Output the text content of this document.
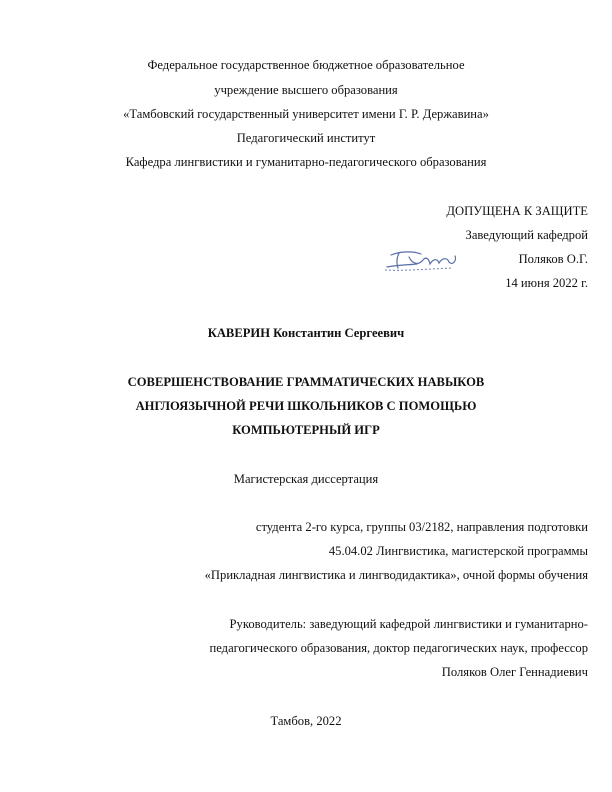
Федеральное государственное бюджетное образовательное
учреждение высшего образования
«Тамбовский государственный университет имени Г. Р. Державина»
Педагогический институт
Кафедра лингвистики и гуманитарно-педагогического образования
ДОПУЩЕНА К ЗАЩИТЕ
Заведующий кафедрой
Поляков О.Г.
14 июня 2022 г.
КАВЕРИН Константин Сергеевич
СОВЕРШЕНСТВОВАНИЕ ГРАММАТИЧЕСКИХ НАВЫКОВ
АНГЛОЯЗЫЧНОЙ РЕЧИ ШКОЛЬНИКОВ С ПОМОЩЬЮ
КОМПЬЮТЕРНЫЙ ИГР
Магистерская диссертация
студента 2-го курса, группы 03/2182, направления подготовки
45.04.02 Лингвистика, магистерской программы
«Прикладная лингвистика и лингводидактика», очной формы обучения
Руководитель: заведующий кафедрой лингвистики и гуманитарно-
педагогического образования, доктор педагогических наук, профессор
Поляков Олег Геннадиевич
Тамбов, 2022
